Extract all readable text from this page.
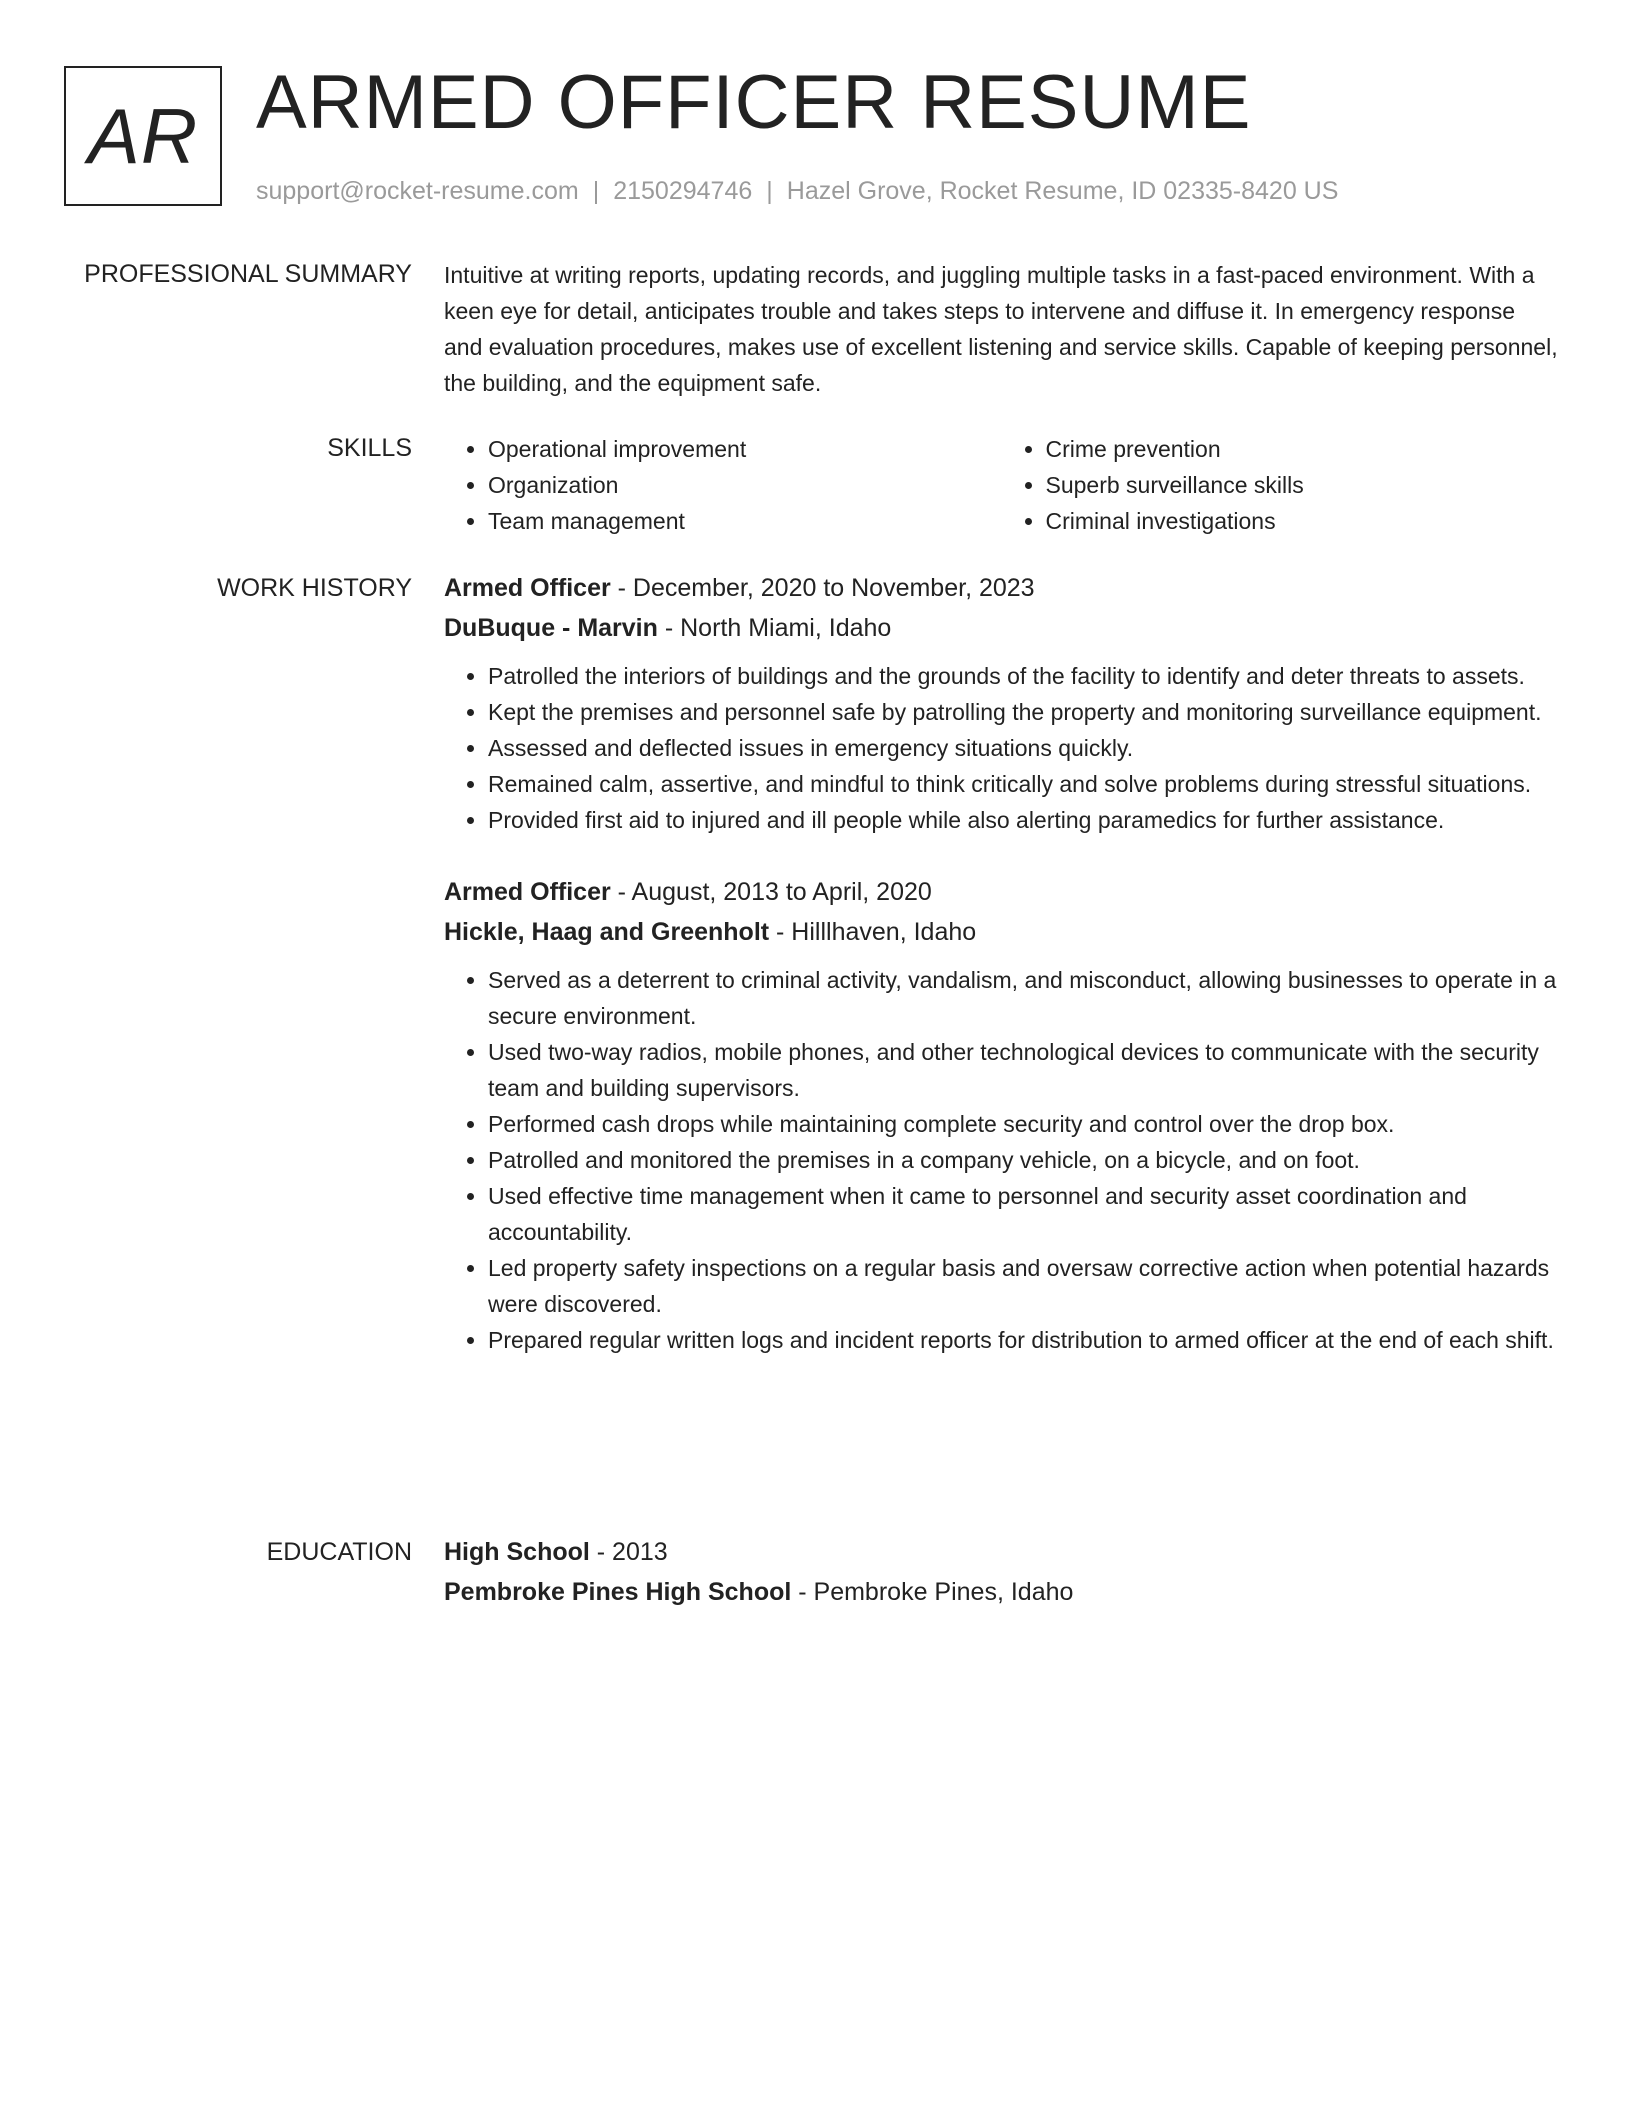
AR ARMED OFFICER RESUME
support@rocket-resume.com | 2150294746 | Hazel Grove, Rocket Resume, ID 02335-8420 US
PROFESSIONAL SUMMARY Intuitive at writing reports, updating records, and juggling multiple tasks in a fast-paced environment. With a keen eye for detail, anticipates trouble and takes steps to intervene and diffuse it. In emergency response and evaluation procedures, makes use of excellent listening and service skills. Capable of keeping personnel, the building, and the equipment safe.

SKILLS
•	Operational improvement
• Organization
• Team management
• Crime prevention
• Superb surveillance skills
• Criminal investigations
WORK HISTORY Armed Officer - December, 2020 to November, 2023
DuBuque - Marvin - North Miami, Idaho
• Patrolled the interiors of buildings and the grounds of the facility to identify and deter threats to assets.
• Kept the premises and personnel safe by patrolling the property and monitoring surveillance equipment.
• Assessed and deflected issues in emergency situations quickly.
• Remained calm, assertive, and mindful to think critically and solve problems during stressful situations.
• Provided first aid to injured and ill people while also alerting paramedics for further assistance.
Armed Officer - August, 2013 to April, 2020
Hickle, Haag and Greenholt - Hilllhaven, Idaho
• Served as a deterrent to criminal activity, vandalism, and misconduct, allowing businesses to operate in a secure environment.
• Used two-way radios, mobile phones, and other technological devices to communicate with the security team and building supervisors.
• Performed cash drops while maintaining complete security and control over the drop box.
• Patrolled and monitored the premises in a company vehicle, on a bicycle, and on foot.
• Used effective time management when it came to personnel and security asset coordination and accountability.
• Led property safety inspections on a regular basis and oversaw corrective action when potential hazards were discovered.
• Prepared regular written logs and incident reports for distribution to armed officer at the end of each shift.
EDUCATION High School - 2013
Pembroke Pines High School - Pembroke Pines, Idaho
